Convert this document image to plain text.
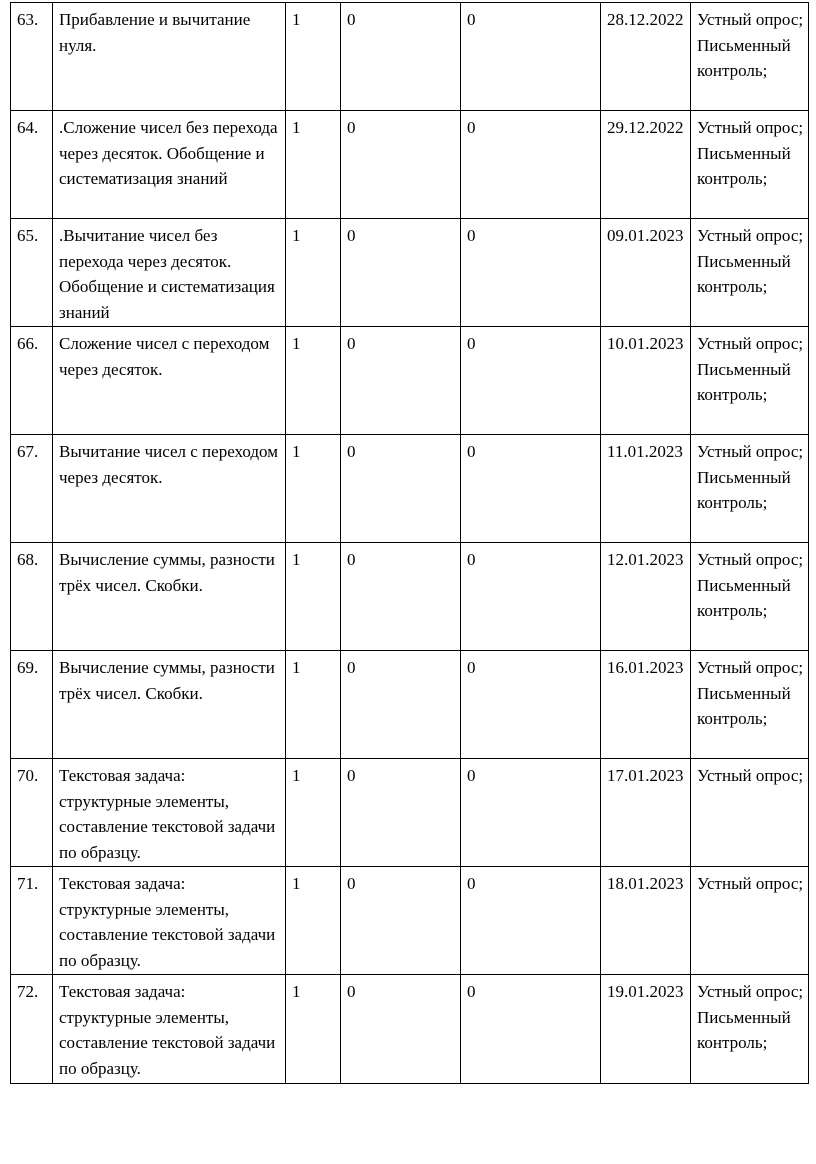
63.	Прибавление и вычитание нуля.	1	0	0	28.12.2022	Устный опрос;
Письменный контроль;

64.	.Сложение чисел без перехода через десяток. Обобщение и систематизация знаний	1	0	0	29.12.2022	Устный опрос;
Письменный контроль;

65.	.Вычитание чисел без перехода через десяток. Обобщение и систематизация знаний	1	0	0	09.01.2023	Устный опрос;
Письменный контроль;

66.	Сложение чисел с переходом через десяток.	1	0	0	10.01.2023	Устный опрос;
Письменный контроль;

67.	Вычитание чисел с переходом через десяток.	1	0	0	11.01.2023	Устный опрос;
Письменный контроль;

68.	Вычисление суммы, разности трёх чисел. Скобки.	1	0	0	12.01.2023	Устный опрос;
Письменный контроль;

69.	Вычисление суммы, разности трёх чисел. Скобки.	1	0	0	16.01.2023	Устный опрос;
Письменный контроль;

70.	Текстовая задача: структурные элементы, составление текстовой задачи по образцу.	1	0	0	17.01.2023	Устный опрос;

71.	Текстовая задача: структурные элементы, составление текстовой задачи по образцу.	1	0	0	18.01.2023	Устный опрос;

72.	Текстовая задача: структурные элементы, составление текстовой задачи по образцу.	1	0	0	19.01.2023	Устный опрос;
Письменный контроль;
